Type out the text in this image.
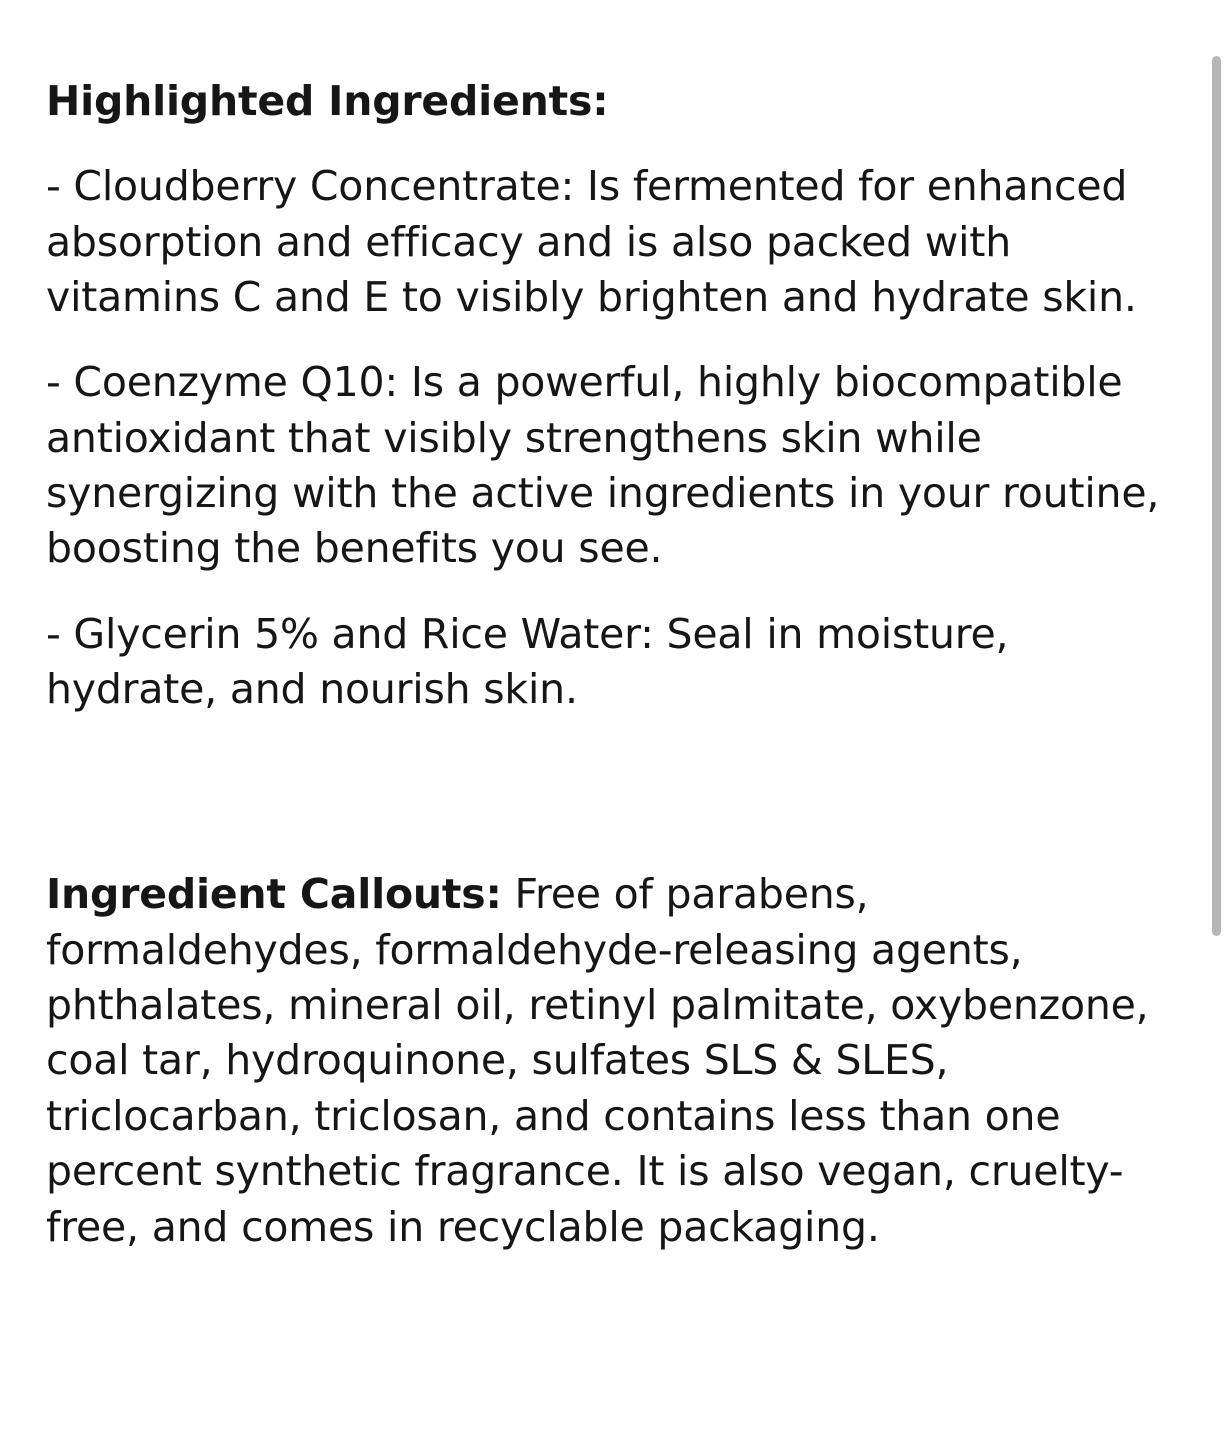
Highlighted Ingredients:

- Cloudberry Concentrate: Is fermented for enhanced absorption and efficacy and is also packed with vitamins C and E to visibly brighten and hydrate skin.

- Coenzyme Q10: Is a powerful, highly biocompatible antioxidant that visibly strengthens skin while synergizing with the active ingredients in your routine, boosting the benefits you see.

- Glycerin 5% and Rice Water: Seal in moisture, hydrate, and nourish skin.

Ingredient Callouts: Free of parabens, formaldehydes, formaldehyde-releasing agents, phthalates, mineral oil, retinyl palmitate, oxybenzone, coal tar, hydroquinone, sulfates SLS & SLES, triclocarban, triclosan, and contains less than one percent synthetic fragrance. It is also vegan, cruelty-free, and comes in recyclable packaging.
